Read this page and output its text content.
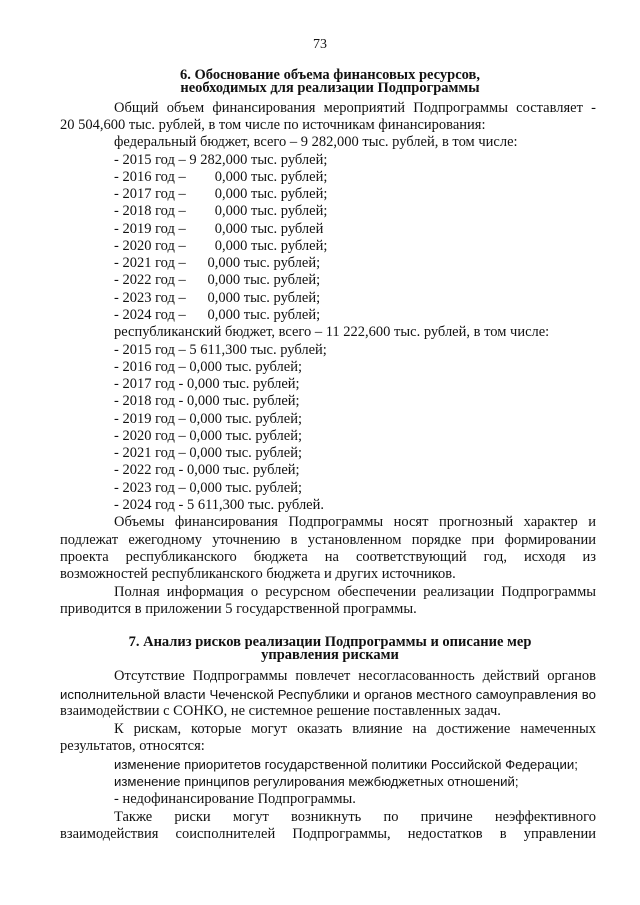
73
6. Обоснование объема финансовых ресурсов,
необходимых для реализации Подпрограммы

Общий объем финансирования мероприятий Подпрограммы составляет -

20 504,600 тыс. рублей, в том числе по источникам финансирования:

федеральный бюджет, всего – 9 282,000 тыс. рублей, в том числе:

- 2015 год – 9 282,000 тыс. рублей;

- 2016 год –        0,000 тыс. рублей;

- 2017 год –        0,000 тыс. рублей;

- 2018 год –        0,000 тыс. рублей;

- 2019 год –        0,000 тыс. рублей

- 2020 год –        0,000 тыс. рублей;

- 2021 год –      0,000 тыс. рублей;

- 2022 год –      0,000 тыс. рублей;

- 2023 год –      0,000 тыс. рублей;

- 2024 год –      0,000 тыс. рублей;

республиканский бюджет, всего – 11 222,600 тыс. рублей, в том числе:

- 2015 год – 5 611,300 тыс. рублей;

- 2016 год – 0,000 тыс. рублей;

- 2017 год - 0,000 тыс. рублей;

- 2018 год - 0,000 тыс. рублей;

- 2019 год – 0,000 тыс. рублей;

- 2020 год – 0,000 тыс. рублей;

- 2021 год – 0,000 тыс. рублей;

- 2022 год - 0,000 тыс. рублей;

- 2023 год – 0,000 тыс. рублей;

- 2024 год - 5 611,300 тыс. рублей.

Объемы финансирования Подпрограммы носят прогнозный характер и

подлежат ежегодному уточнению в установленном порядке при формировании

проекта республиканского бюджета на соответствующий год, исходя из

возможностей республиканского бюджета и других источников.

Полная информация о ресурсном обеспечении реализации Подпрограммы

приводится в приложении 5 государственной программы.

7. Анализ рисков реализации Подпрограммы и описание мер
управления рисками

Отсутствие Подпрограммы повлечет несогласованность действий органов

исполнительной власти Чеченской Республики и органов местного самоуправления во

взаимодействии с СОНКО, не системное решение поставленных задач.

К рискам, которые могут оказать влияние на достижение намеченных

результатов, относятся:

изменение приоритетов государственной политики Российской Федерации;

изменение принципов регулирования межбюджетных отношений;

- недофинансирование Подпрограммы.

Также риски могут возникнуть по причине неэффективного

взаимодействия соисполнителей Подпрограммы, недостатков в управлении
